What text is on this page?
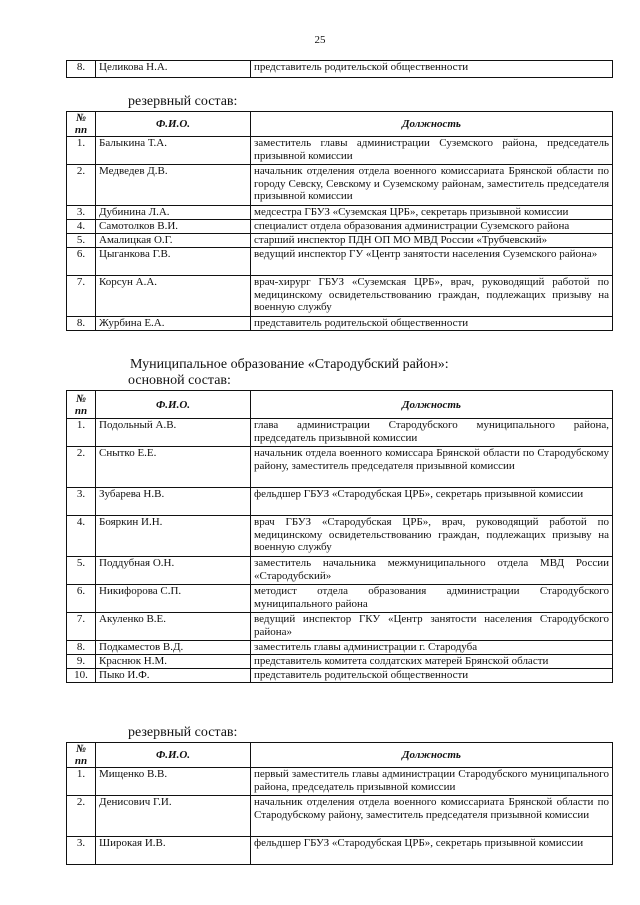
25
8.	Целикова Н.А.	представитель родительской общественности
резервный состав:
№ пп	Ф.И.О.	Должность
1.	Балыкина Т.А.	заместитель главы администрации Суземского района, председатель призывной комиссии
2.	Медведев Д.В.	начальник отделения отдела военного комиссариата Брянской области по городу Севску, Севскому и Суземскому районам, заместитель председателя призывной комиссии
3.	Дубинина Л.А.	медсестра ГБУЗ «Суземская ЦРБ», секретарь призывной комиссии
4.	Самотолков В.И.	специалист отдела образования администрации Суземского района
5.	Амалицкая О.Г.	старший инспектор ПДН ОП МО МВД России «Трубчевский»
6.	Цыганкова Г.В.	ведущий инспектор ГУ «Центр занятости населения Суземского района»
7.	Корсун А.А.	врач-хирург ГБУЗ «Суземская ЦРБ», врач, руководящий работой по медицинскому освидетельствованию граждан, подлежащих призыву на военную службу
8.	Журбина Е.А.	представитель родительской общественности
Муниципальное образование «Стародубский район»:
основной состав:
№ пп	Ф.И.О.	Должность
1.	Подольный А.В.	глава администрации Стародубского муниципального района, председатель призывной комиссии
2.	Снытко Е.Е.	начальник отдела военного комиссара Брянской области по Стародубскому району, заместитель председателя призывной комиссии
3.	Зубарева Н.В.	фельдшер ГБУЗ «Стародубская ЦРБ», секретарь призывной комиссии
4.	Бояркин И.Н.	врач ГБУЗ «Стародубская ЦРБ», врач, руководящий работой по медицинскому освидетельствованию граждан, подлежащих призыву на военную службу
5.	Поддубная О.Н.	заместитель начальника межмуниципального отдела МВД России «Стародубский»
6.	Никифорова С.П.	методист отдела образования администрации Стародубского муниципального района
7.	Акуленко В.Е.	ведущий инспектор ГКУ «Центр занятости населения Стародубского района»
8.	Подкаместов В.Д.	заместитель главы администрации г. Стародуба
9.	Краснюк Н.М.	представитель комитета солдатских матерей Брянской области
10.	Пыко И.Ф.	представитель родительской общественности
резервный состав:
№ пп	Ф.И.О.	Должность
1.	Мищенко В.В.	первый заместитель главы администрации Стародубского муниципального района, председатель призывной комиссии
2.	Денисович Г.И.	начальник отделения отдела военного комиссариата Брянской области по Стародубскому району, заместитель председателя призывной комиссии
3.	Широкая И.В.	фельдшер ГБУЗ «Стародубская ЦРБ», секретарь призывной комиссии
